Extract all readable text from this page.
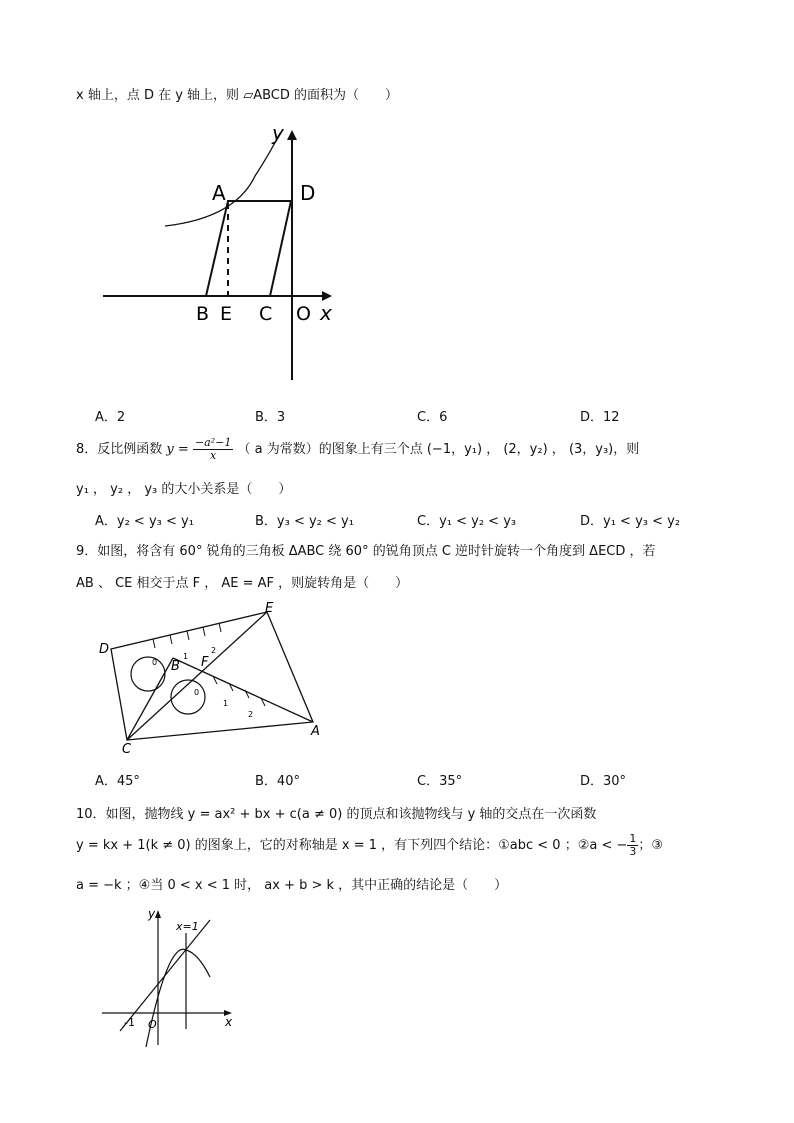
x 轴上，点 D 在 y 轴上，则 ▱ABCD 的面积为（　　）
y
A	D
B E C O x
A．2	B．3	C．6	D．12
8．反比例函数 $y = \frac{\text{−a²−1}}{x}$ （ a 为常数）的图象上有三个点 (−1，y₁) ， (2，y₂) ， (3，y₃)，则
y₁ ， y₂ ， y₃ 的大小关系是（　　）
A．y₂ < y₃ < y₁	B．y₃ < y₂ < y₁	C．y₁ < y₂ < y₃	D．y₁ < y₃ < y₂
9．如图，将含有 60° 锐角的三角板 ΔABC 绕 60° 的锐角顶点 C 逆时针旋转一个角度到 ΔECD ，若
AB 、 CE 相交于点 F ， AE = AF ，则旋转角是（　　）
D
E
B F
C
A
0
1
2
0
1
2
A．45°	B．40°	C．35°	D．30°
10．如图，抛物线 y = ax² + bx + c(a ≠ 0) 的顶点和该抛物线与 y 轴的交点在一次函数
y = kx + 1(k ≠ 0) 的图象上，它的对称轴是 x = 1 ，有下列四个结论：①abc < 0 ；②a < − $\frac{1}{3}$ ；③
a = −k ；④当 0 < x < 1 时， ax + b > k ，其中正确的结论是（　　）
y
x=1
x
-1 O
